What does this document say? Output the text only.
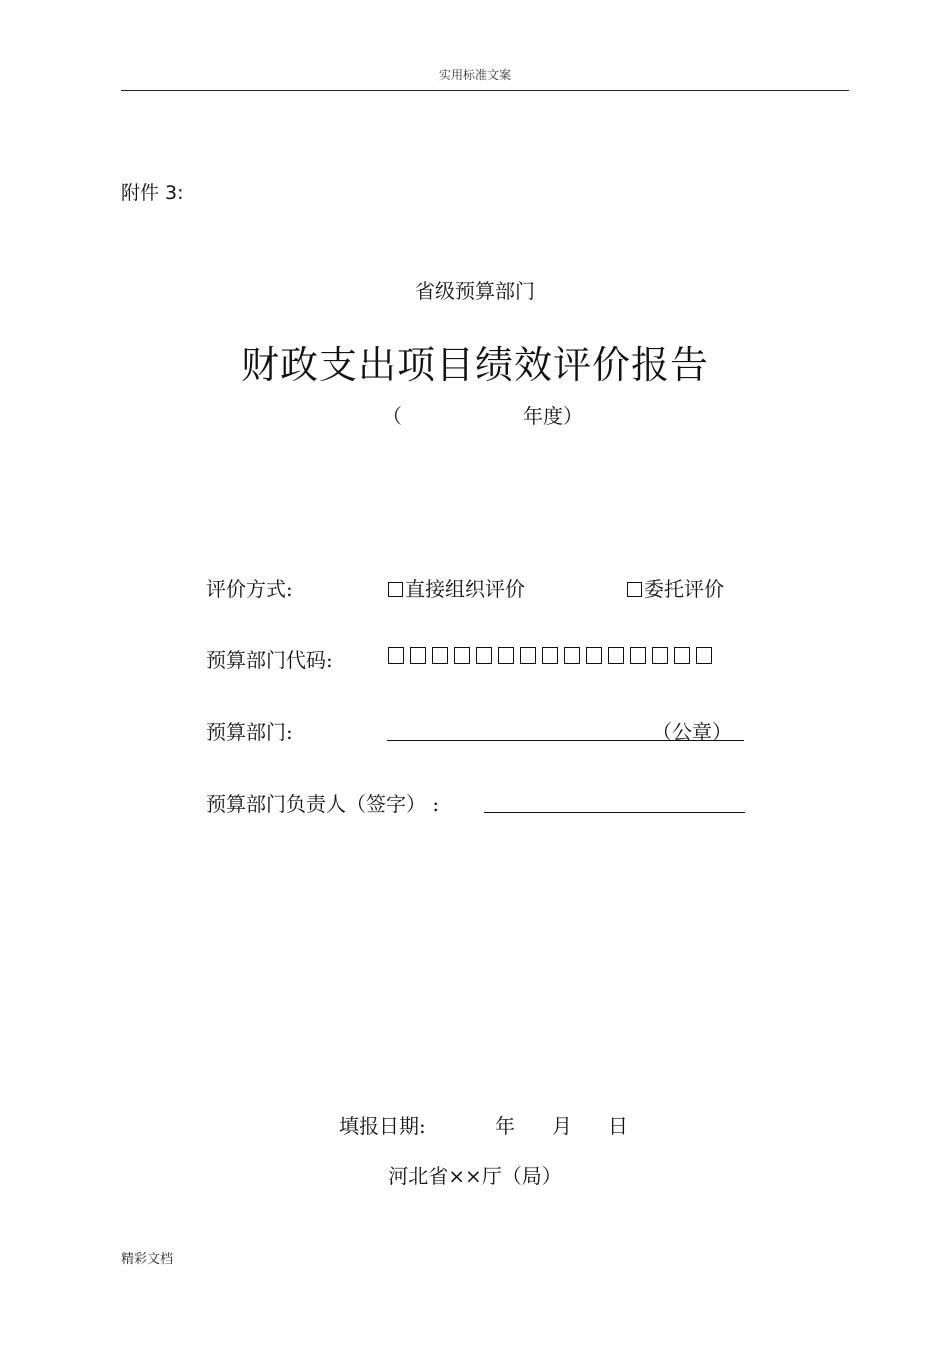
实用标准文案
附件 3:
省级预算部门
财政支出项目绩效评价报告
（	年度）
评价方式:	直接组织评价	委托评价
预算部门代码:
预算部门:	（公章）
预算部门负责人（签字） :
填报日期:	年 月 日
河北省××厅（局）
精彩文档
